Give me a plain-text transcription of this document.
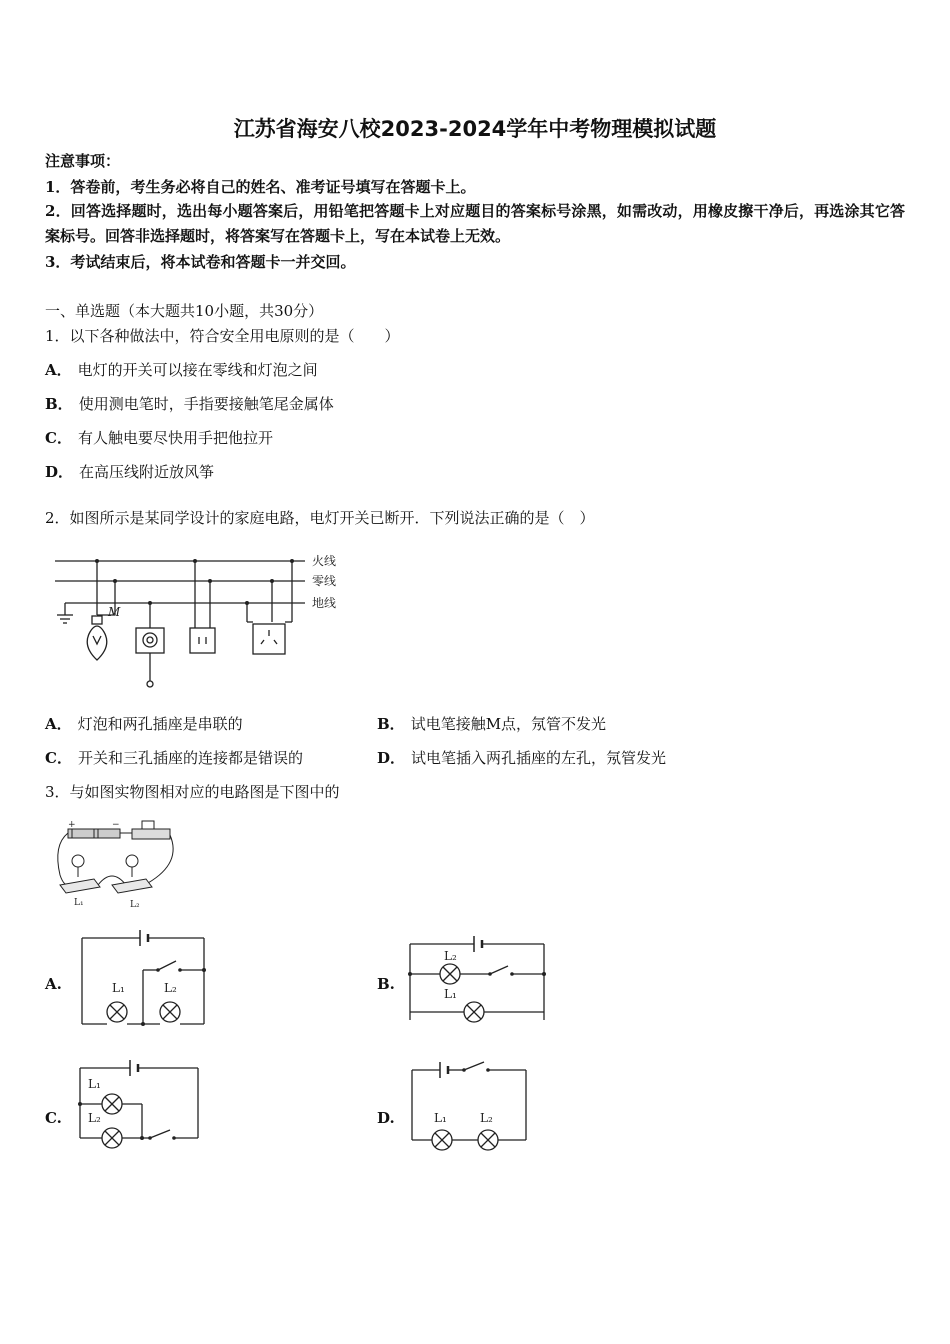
江苏省海安八校2023-2024学年中考物理模拟试题
注意事项：
1．答卷前，考生务必将自己的姓名、准考证号填写在答题卡上。
2．回答选择题时，选出每小题答案后，用铅笔把答题卡上对应题目的答案标号涂黑，如需改动，用橡皮擦干净后，再选涂其它答案标号。回答非选择题时，将答案写在答题卡上，写在本试卷上无效。
3．考试结束后，将本试卷和答题卡一并交回。
一、单选题（本大题共10小题，共30分）
1．以下各种做法中，符合安全用电原则的是（　　）
A． 电灯的开关可以接在零线和灯泡之间
B． 使用测电笔时，手指要接触笔尾金属体
C． 有人触电要尽快用手把他拉开
D． 在高压线附近放风筝
2．如图所示是某同学设计的家庭电路，电灯开关已断开．下列说法正确的是（　）
火线
零线
地线
M
A． 灯泡和两孔插座是串联的	B． 试电笔接触M点，氖管不发光
C． 开关和三孔插座的连接都是错误的	D． 试电笔插入两孔插座的左孔，氖管发光
3．与如图实物图相对应的电路图是下图中的
+	−
L₁	L₂
A.	L₁	L₂	B.
L₂
L₁
C.
L₁
L₂	D.	L₁	L₂
